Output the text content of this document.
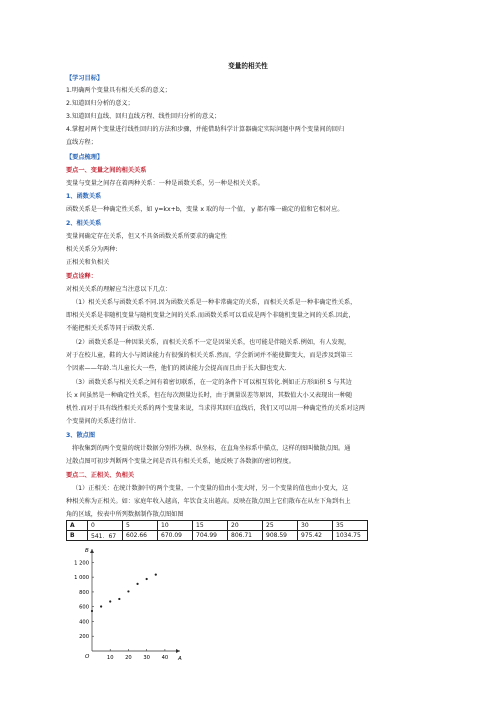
变量的相关性
【学习目标】
1.明确两个变量具有相关关系的意义；
2.知道回归分析的意义；
3.知道回归直线、回归直线方程、线性回归分析的意义；
4.掌握对两个变量进行线性回归的方法和步骤，并能借助科学计算器确定实际问题中两个变量间的回归
直线方程；
【要点梳理】
要点一、变量之间的相关关系
变量与变量之间存在着两种关系：一种是函数关系，另一种是相关关系。
1、函数关系
函数关系是一种确定性关系，如 y=kx+b，变量 x 取的每一个值， y 都有唯一确定的值和它相对应。
2、相关关系
变量间确定存在关系，但又不具备函数关系所要求的确定性
相关关系分为两种:
正相关和负相关
要点诠释：
对相关关系的理解应当注意以下几点：
（1）相关关系与函数关系不同.因为函数关系是一种非常确定的关系，而相关关系是一种非确定性关系，
即相关关系是非随机变量与随机变量之间的关系.而函数关系可以看成是两个非随机变量之间的关系.因此，
不能把相关关系等同于函数关系.
（2）函数关系是一种因果关系，而相关关系不一定是因果关系，也可能是伴随关系.例如，有人发现，
对于在校儿童，鞋的大小与阅读能力有很强的相关关系.然而，学会新词并不能使脚变大，而是涉及到第三
个因素——年龄.当儿童长大一些，他们的阅读能力会提高而且由于长大脚也变大.
（3）函数关系与相关关系之间有着密切联系，在一定的条件下可以相互转化.例如正方形面积 S 与其边
长 x 间虽然是一种确定性关系，但在每次测量边长时，由于测量误差等原因，其数值大小又表现出一种随
机性.而对于具有线性相关关系的两个变量来说，当求得其回归直线后，我们又可以用一种确定性的关系对这两
个变量间的关系进行估计.
3、散点图
将收集到的两个变量的统计数据分别作为横、纵坐标，在直角坐标系中描点，这样的图叫做散点图。通
过散点图可初步判断两个变量之间是否具有相关关系，她反映了各数据的密切程度。
要点二、正相关、负相关
（1）正相关：在统计数据中的两个变量，一个变量的值由小变大时，另一个变量的值也由小变大，这
种相关称为正相关。如：家庭年收入越高，年饮食支出越高。反映在散点图上它们散布在从左下角到右上
角的区域，按表中所列数据制作散点图如图
A	0	5	10	15	20	25	30	35
B	541．67	602.66	670.09	704.99	806.71	908.59	975.42	1034.75
A
B
O	10 20 30 40
200
400
600
800
1 000
1 200
